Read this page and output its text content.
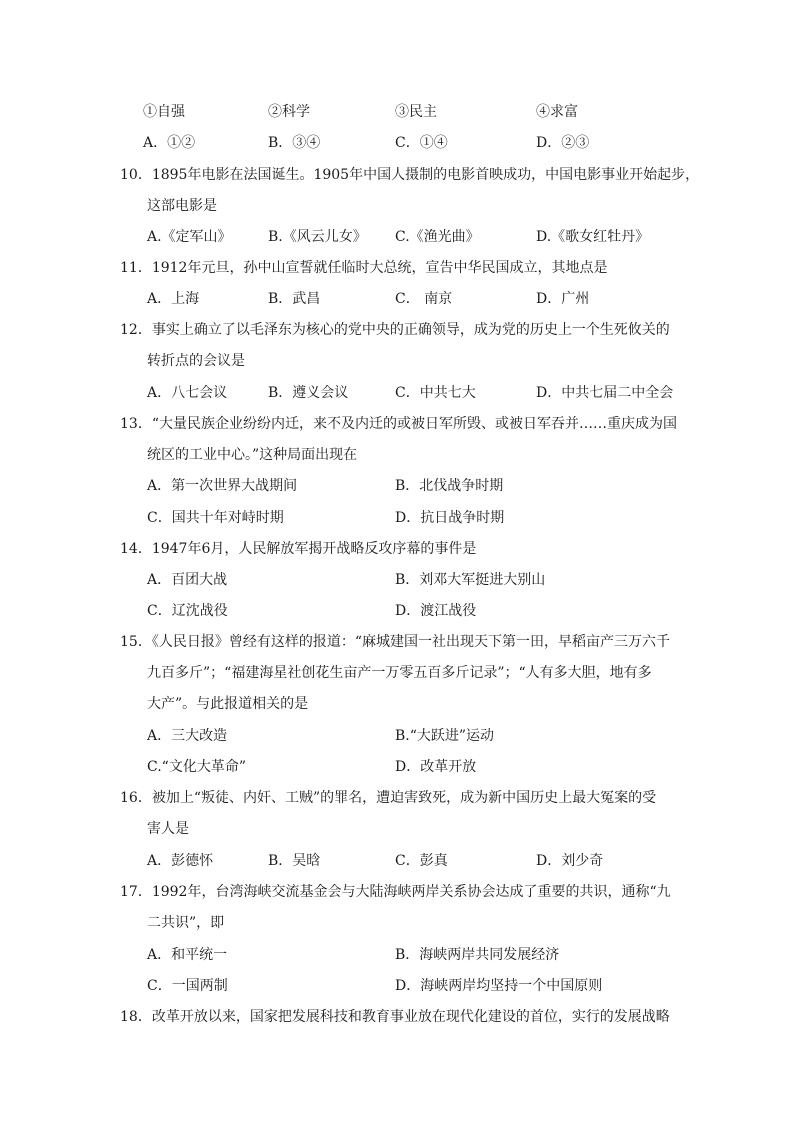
①自强	②科学	③民主	④求富
A．①②	B．③④	C．①④	D．②③
10．1895年电影在法国诞生。1905年中国人摄制的电影首映成功，中国电影事业开始起步，
这部电影是
A.《定军山》	B.《风云儿女》 C.《渔光曲》	D.《歌女红牡丹》
11．1912年元旦，孙中山宣誓就任临时大总统，宣告中华民国成立，其地点是
A．上海	B．武昌	C． 南京	D．广州
12．事实上确立了以毛泽东为核心的党中央的正确领导，成为党的历史上一个生死攸关的
转折点的会议是
A．八七会议	B．遵义会议	C．中共七大	D．中共七届二中全会
13．“大量民族企业纷纷内迁，来不及内迁的或被日军所毁、或被日军吞并……重庆成为国
统区的工业中心。”这种局面出现在
A．第一次世界大战期间	B．北伐战争时期
C．国共十年对峙时期	D．抗日战争时期
14．1947年6月，人民解放军揭开战略反攻序幕的事件是
A．百团大战	B．刘邓大军挺进大别山
C．辽沈战役	D．渡江战役
15．《人民日报》曾经有这样的报道：“麻城建国一社出现天下第一田，早稻亩产三万六千
九百多斤”；“福建海星社创花生亩产一万零五百多斤记录”；“人有多大胆，地有多
大产”。与此报道相关的是
A．三大改造	B.“大跃进”运动
C.“文化大革命”	D．改革开放
16．被加上“叛徒、内奸、工贼”的罪名，遭迫害致死，成为新中国历史上最大冤案的受
害人是
A．彭德怀	B．吴晗	C．彭真	D．刘少奇
17．1992年，台湾海峡交流基金会与大陆海峡两岸关系协会达成了重要的共识，通称“九
二共识”，即
A．和平统一	B．海峡两岸共同发展经济
C．一国两制	D．海峡两岸均坚持一个中国原则
18．改革开放以来，国家把发展科技和教育事业放在现代化建设的首位，实行的发展战略
